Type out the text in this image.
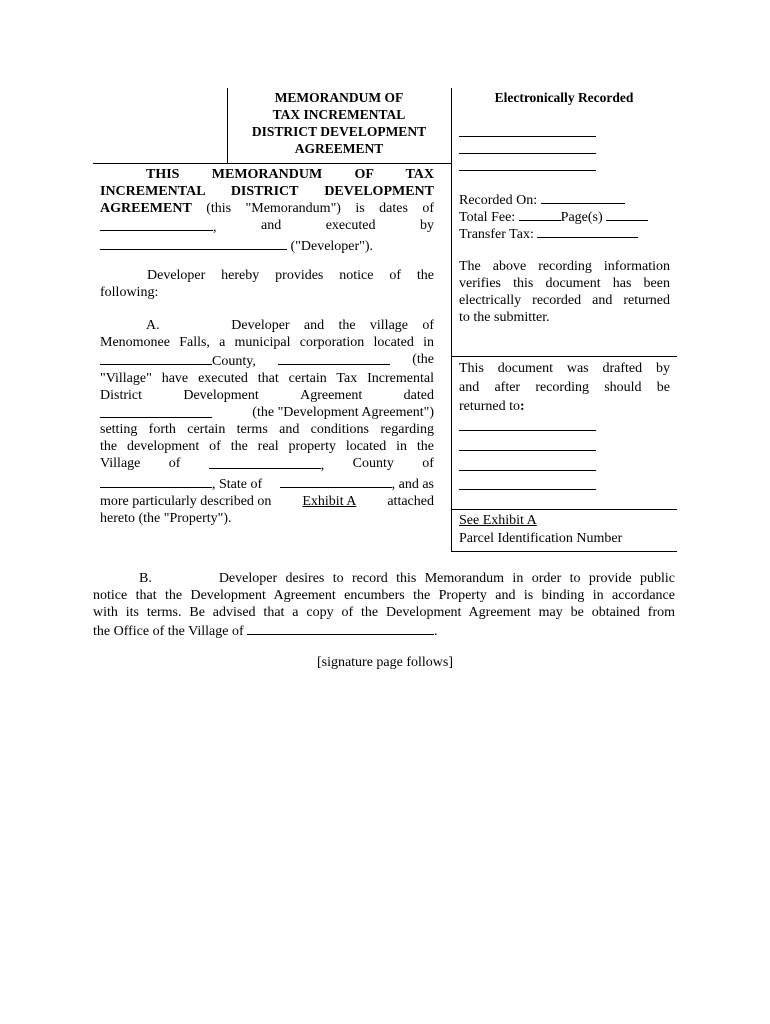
MEMORANDUM OF
TAX INCREMENTAL
DISTRICT DEVELOPMENT
AGREEMENT
Electronically Recorded
Recorded On:
Total Fee:	Page(s)
Transfer Tax:
The above recording information
verifies this document has been
electrically recorded and returned
to the submitter.
This document was drafted by
and after recording should be
returned to:
See Exhibit A
Parcel Identification Number
THIS MEMORANDUM OF TAX
INCREMENTAL DISTRICT DEVELOPMENT
AGREEMENT (this "Memorandum") is dates of
,	and	executed	by
("Developer").
Developer hereby provides notice of the
following:
A.     Developer and the village of
Menomonee Falls, a municipal corporation located in
County,	(the
"Village" have executed that certain Tax Incremental
District	Development	Agreement	dated
(the "Development Agreement")
setting forth certain terms and conditions regarding
the development of the real property located in the
Village of	, County of
, State of	, and as
more particularly described on Exhibit A attached
hereto (the "Property").
B.        Developer desires to record this Memorandum in order to provide public
notice that the Development Agreement encumbers the Property and is binding in accordance
with its terms. Be advised that a copy of the Development Agreement may be obtained from
the Office of the Village of	.
[signature page follows]
